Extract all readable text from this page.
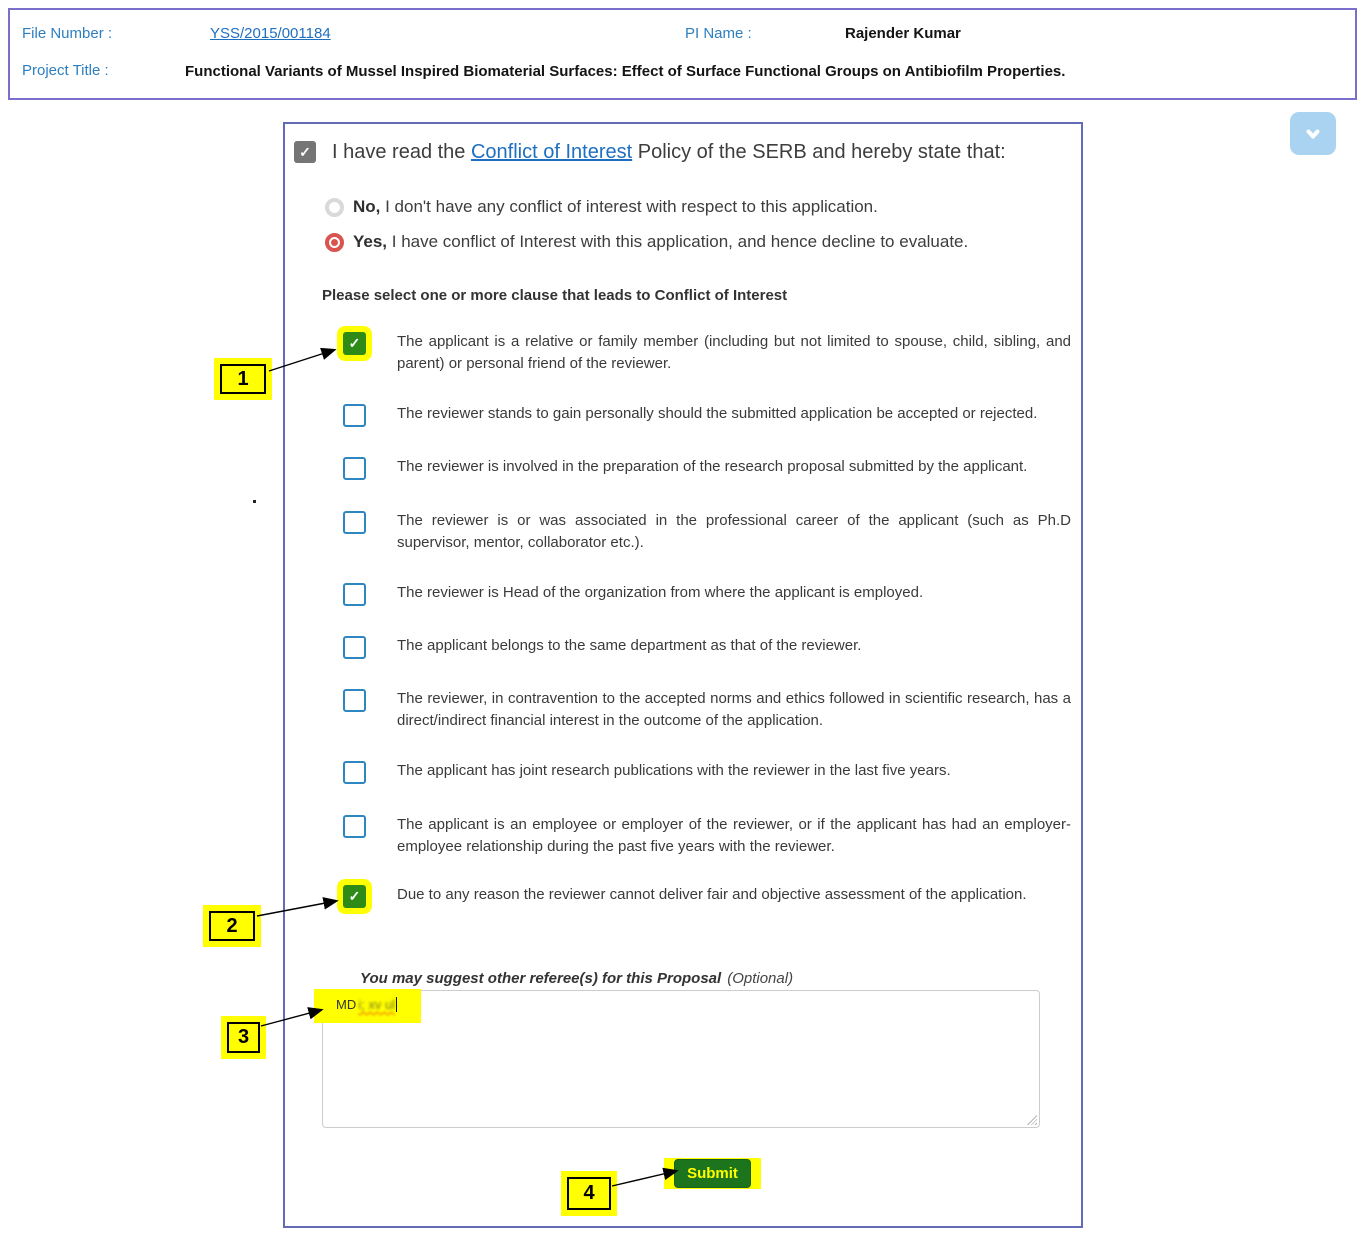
File Number :	YSS/2015/001184	PI Name :	Rajender Kumar
Project Title :	Functional Variants of Mussel Inspired Biomaterial Surfaces: Effect of Surface Functional Groups on Antibiofilm Properties.
✓ I have read the Conflict of Interest Policy of the SERB and hereby state that:
No, I don't have any conflict of interest with respect to this application.
Yes, I have conflict of Interest with this application, and hence decline to evaluate.
Please select one or more clause that leads to Conflict of Interest
✓ The applicant is a relative or family member (including but not limited to spouse, child, sibling, and parent) or personal friend of the reviewer.

The reviewer stands to gain personally should the submitted application be accepted or rejected.

The reviewer is involved in the preparation of the research proposal submitted by the applicant.

The reviewer is or was associated in the professional career of the applicant (such as Ph.D supervisor, mentor, collaborator etc.).

The reviewer is Head of the organization from where the applicant is employed.

The applicant belongs to the same department as that of the reviewer.

The reviewer, in contravention to the accepted norms and ethics followed in scientific research, has a direct/indirect financial interest in the outcome of the application.

The applicant has joint research publications with the reviewer in the last five years.

The applicant is an employee or employer of the reviewer, or if the applicant has had an employer-employee relationship during the past five years with the reviewer.

✓ Due to any reason the reviewer cannot deliver fair and objective assessment of the application.

You may suggest other referee(s) for this Proposal (Optional)
MD i; xv ul
Submit
1
2
3
4
